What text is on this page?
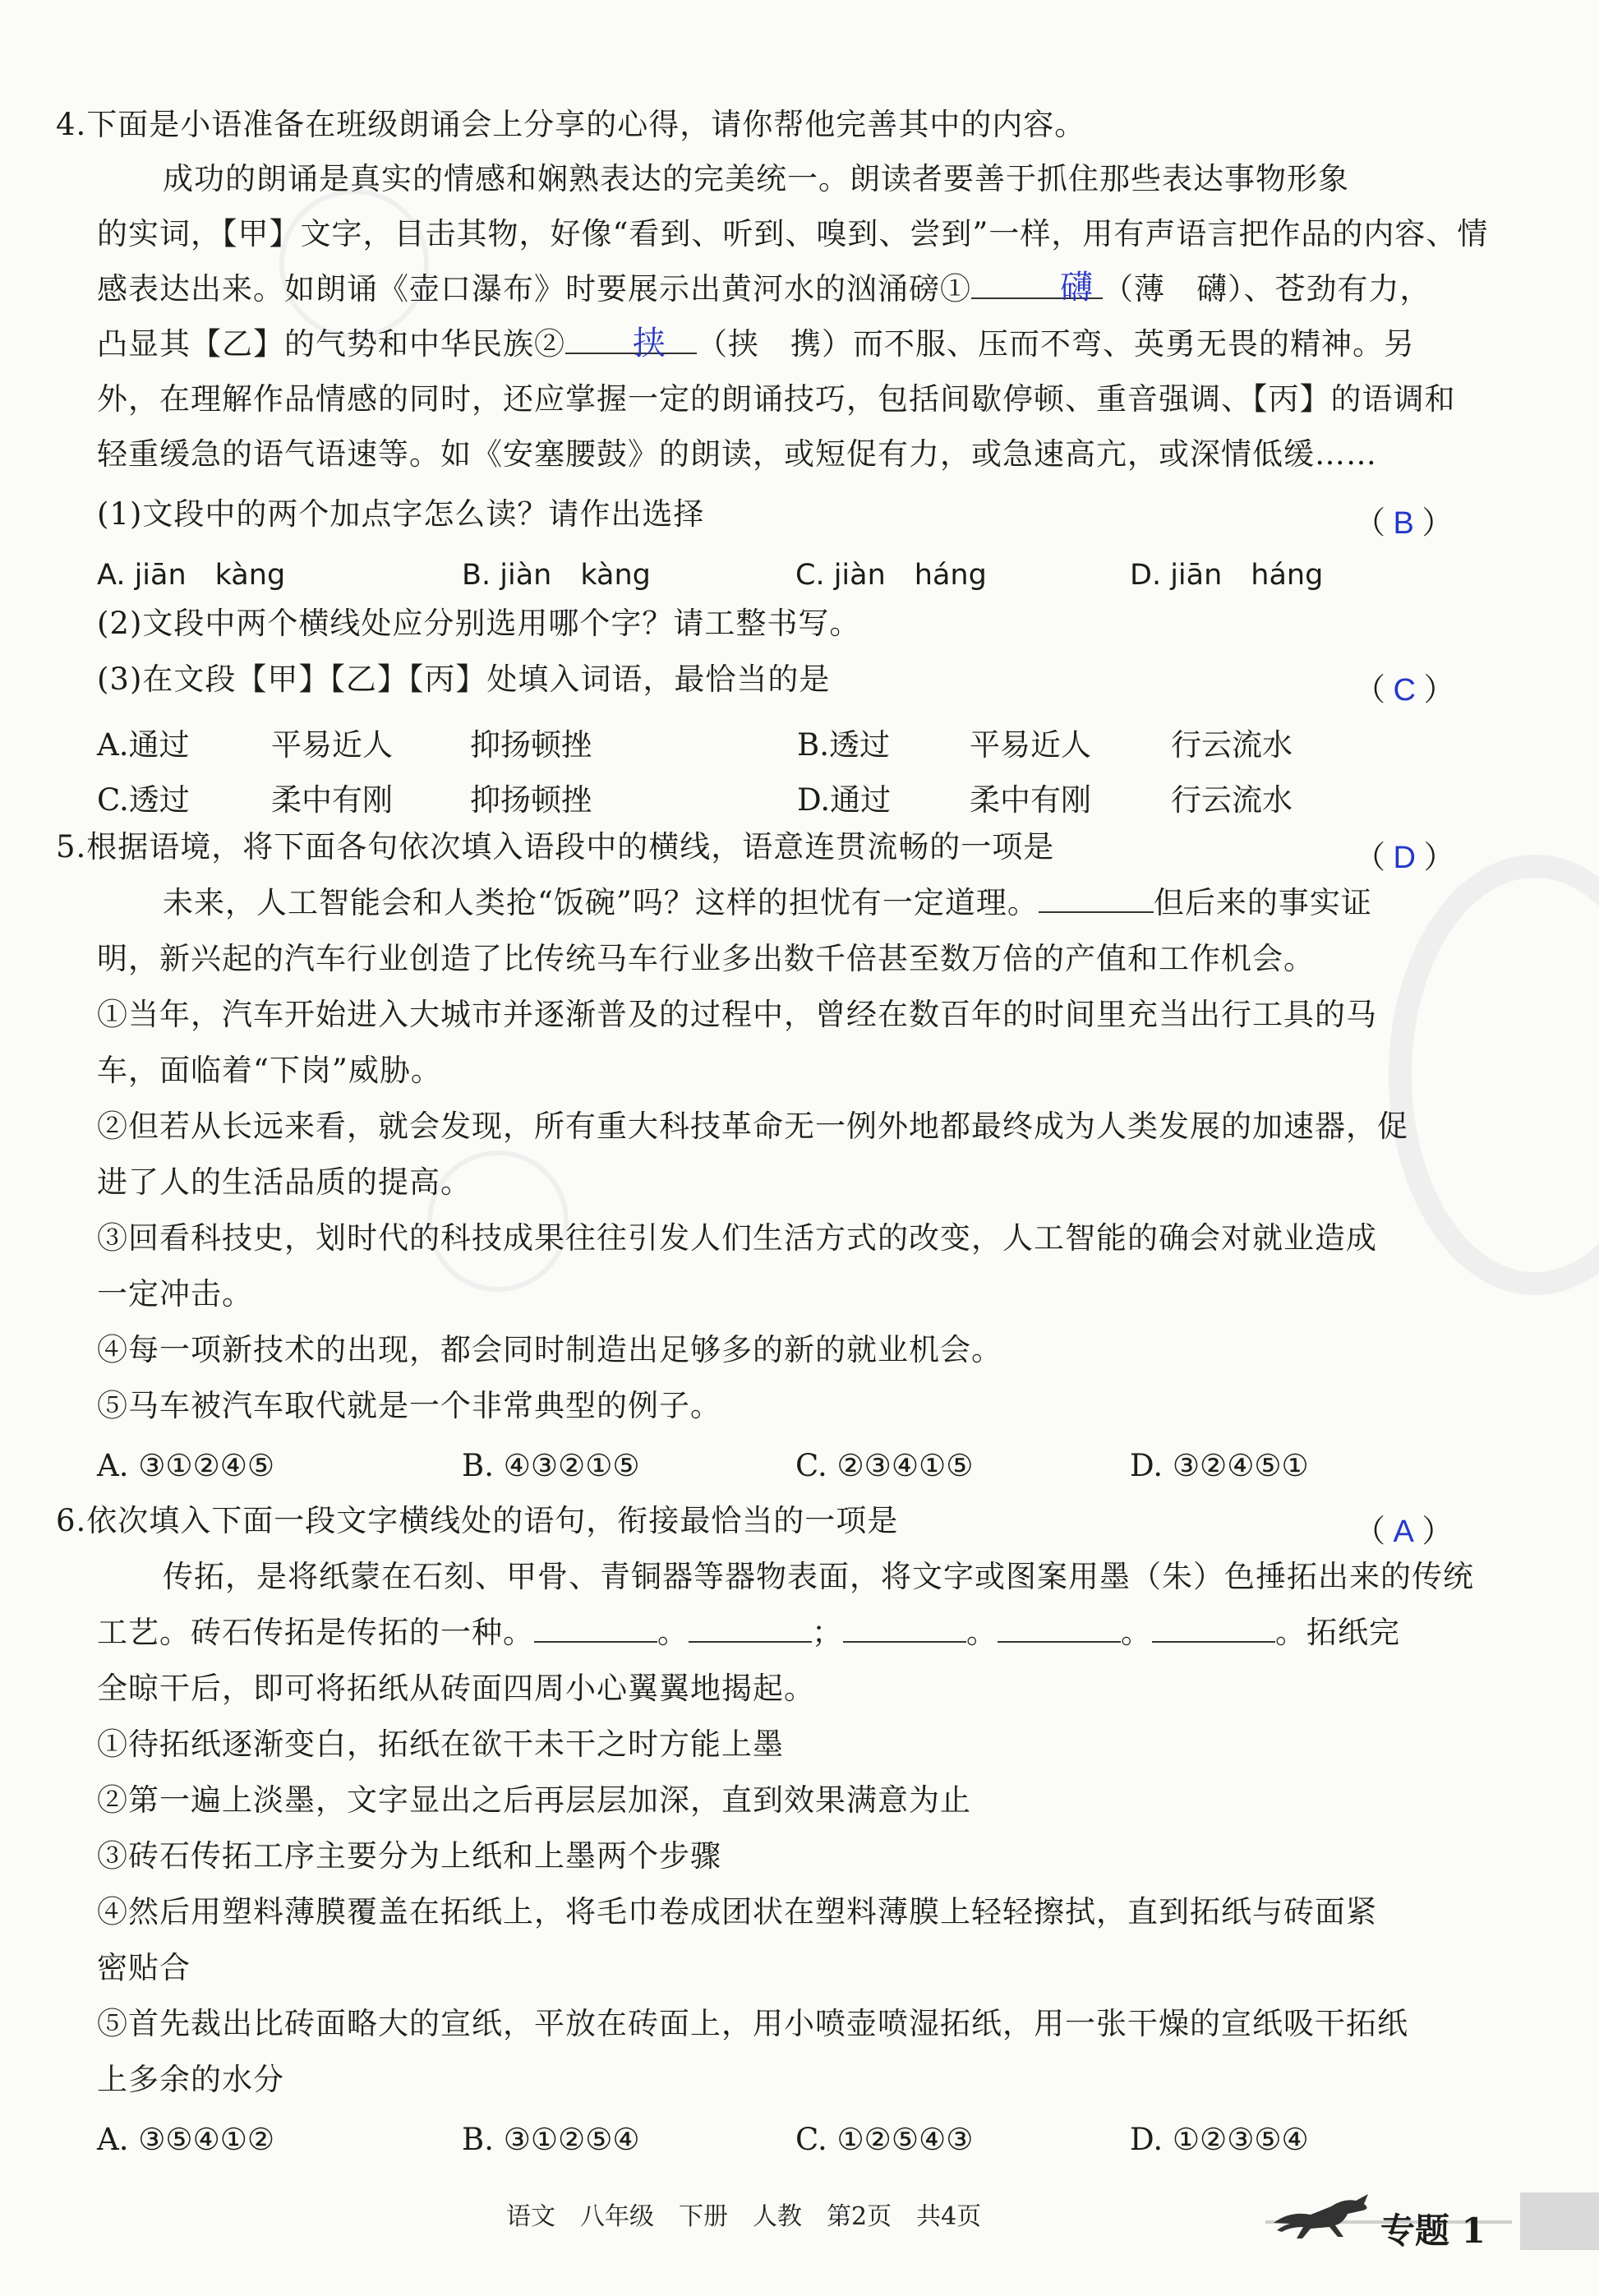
4.下面是小语准备在班级朗诵会上分享的心得，请你帮他完善其中的内容。
成功的朗诵是真实的情感和娴熟表达的完美统一。朗读者要善于抓住那些表达事物形象
的实词，【甲】文字，目击其物，好像“看到、听到、嗅到、尝到”一样，用有声语言把作品的内容、情
感表达出来。如朗诵《壶口瀑布》时要展示出黄河水的汹涌磅①	（薄　礴）、苍劲有力，
礴
凸显其【乙】的气势和中华民族②	（挟　携）而不服、压而不弯、英勇无畏的精神。另
挟
外，在理解作品情感的同时，还应掌握一定的朗诵技巧，包括间歇停顿、重音强调、【丙】的语调和
轻重缓急的语气语速等。如《安塞腰鼓》的朗读，或短促有力，或急速高亢，或深情低缓……
(1)文段中的两个加点字怎么读？请作出选择	（ B ）
A. jiān　kàng	B. jiàn　kàng	C. jiàn　háng	D. jiān　háng
(2)文段中两个横线处应分别选用哪个字？请工整书写。
(3)在文段【甲】【乙】【丙】处填入词语，最恰当的是	（ C ）
A.通过	平易近人	抑扬顿挫	B.透过	平易近人	行云流水
C.透过	柔中有刚	抑扬顿挫	D.通过	柔中有刚	行云流水
5.根据语境，将下面各句依次填入语段中的横线，语意连贯流畅的一项是	（ D ）
未来，人工智能会和人类抢“饭碗”吗？这样的担忧有一定道理。	但后来的事实证
明，新兴起的汽车行业创造了比传统马车行业多出数千倍甚至数万倍的产值和工作机会。
①当年，汽车开始进入大城市并逐渐普及的过程中，曾经在数百年的时间里充当出行工具的马
车，面临着“下岗”威胁。
②但若从长远来看，就会发现，所有重大科技革命无一例外地都最终成为人类发展的加速器，促
进了人的生活品质的提高。
③回看科技史，划时代的科技成果往往引发人们生活方式的改变，人工智能的确会对就业造成
一定冲击。
④每一项新技术的出现，都会同时制造出足够多的新的就业机会。
⑤马车被汽车取代就是一个非常典型的例子。
A. ③①②④⑤	B. ④③②①⑤	C. ②③④①⑤	D. ③②④⑤①
6.依次填入下面一段文字横线处的语句，衔接最恰当的一项是	（ A ）
传拓，是将纸蒙在石刻、甲骨、青铜器等器物表面，将文字或图案用墨（朱）色捶拓出来的传统
工艺。砖石传拓是传拓的一种。	。	；	。	。	。拓纸完
全晾干后，即可将拓纸从砖面四周小心翼翼地揭起。
①待拓纸逐渐变白，拓纸在欲干未干之时方能上墨
②第一遍上淡墨，文字显出之后再层层加深，直到效果满意为止
③砖石传拓工序主要分为上纸和上墨两个步骤
④然后用塑料薄膜覆盖在拓纸上，将毛巾卷成团状在塑料薄膜上轻轻擦拭，直到拓纸与砖面紧
密贴合
⑤首先裁出比砖面略大的宣纸，平放在砖面上，用小喷壶喷湿拓纸，用一张干燥的宣纸吸干拓纸
上多余的水分
A. ③⑤④①②	B. ③①②⑤④	C. ①②⑤④③	D. ①②③⑤④
语文　八年级　下册　人教　第2页　共4页	专题 1
